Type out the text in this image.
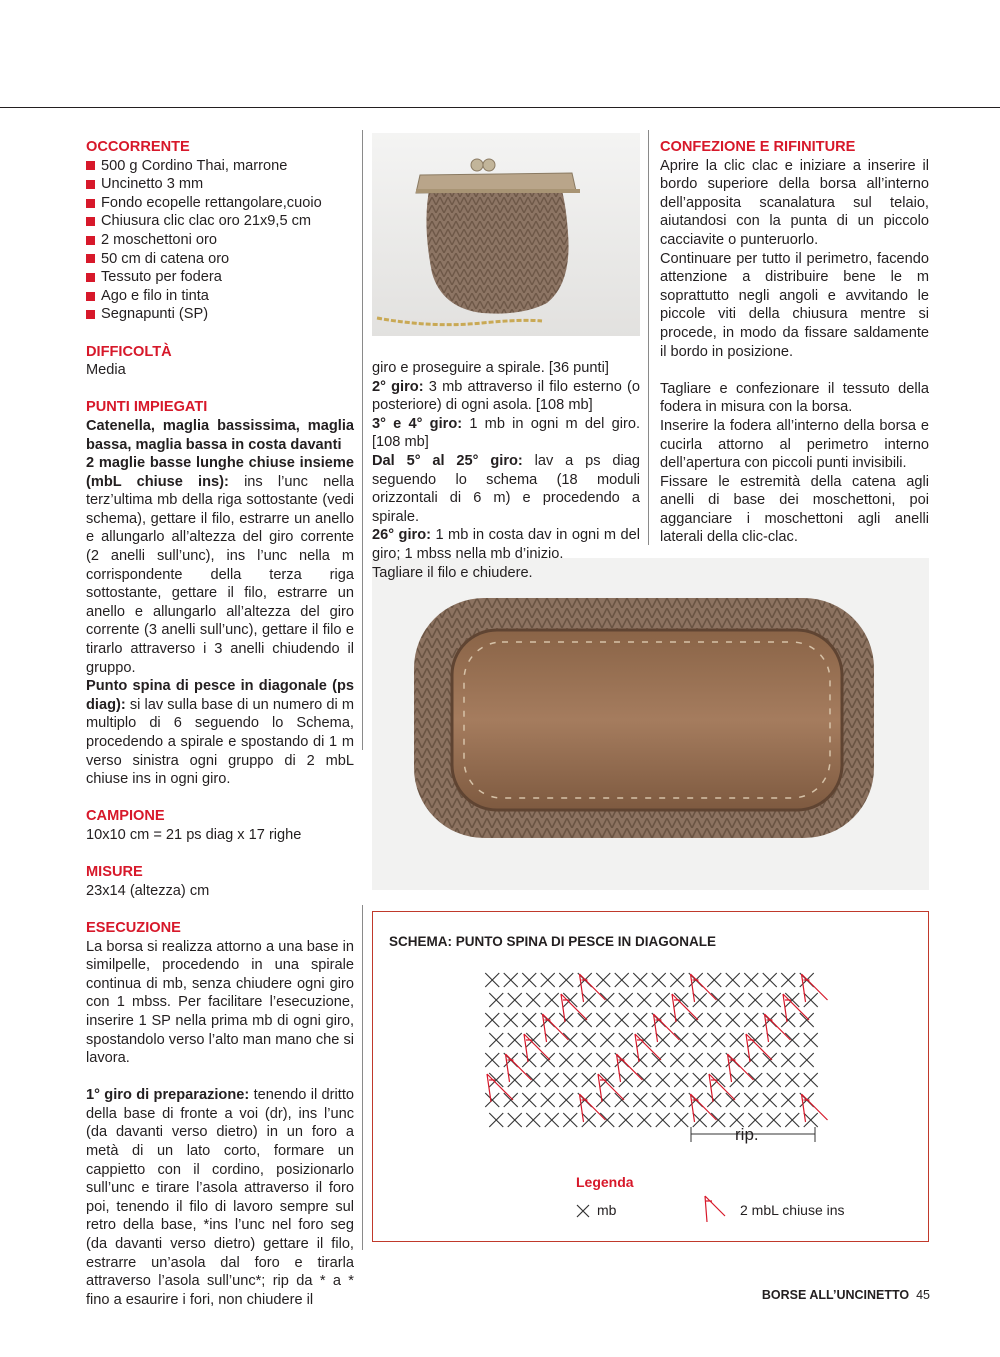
OCCORRENTE

500 g Cordino Thai, marrone
Uncinetto 3 mm
Fondo ecopelle rettangolare,cuoio
Chiusura clic clac oro 21x9,5 cm
2 moschettoni oro
50 cm di catena oro
Tessuto per fodera
Ago e filo in tinta
Segnapunti (SP)

DIFFICOLTÀ

Media

PUNTI IMPIEGATI

Catenella, maglia bassissima, maglia bassa, maglia bassa in costa davanti

2 maglie basse lunghe chiuse insieme (mbL chiuse ins): ins l’unc nella terz’ultima mb della riga sottostante (vedi schema), gettare il filo, estrarre un anello e allungarlo all’altezza del giro corrente (2 anelli sull’unc), ins l’unc nella m corrispondente della terza riga sottostante, gettare il filo, estrarre un anello e allungarlo all’altezza del giro corrente (3 anelli sull’unc), gettare il filo e tirarlo attraverso i 3 anelli chiudendo il gruppo.

Punto spina di pesce in diagonale (ps diag): si lav sulla base di un numero di m multiplo di 6 seguendo lo Schema, procedendo a spirale e spostando di 1 m verso sinistra ogni gruppo di 2 mbL chiuse ins in ogni giro.

CAMPIONE

10x10 cm = 21 ps diag x 17 righe

MISURE

23x14 (altezza) cm

ESECUZIONE

La borsa si realizza attorno a una base in similpelle, procedendo in una spirale continua di mb, senza chiudere ogni giro con 1 mbss. Per facilitare l’esecuzione, inserire 1 SP nella prima mb di ogni giro, spostandolo verso l’alto man mano che si lavora.

1° giro di preparazione: tenendo il dritto della base di fronte a voi (dr), ins l’unc (da davanti verso dietro) in un foro a metà di un lato corto, formare un cappietto con il cordino, posizionarlo sull’unc e tirare l’asola attraverso il foro poi, tenendo il filo di lavoro sempre sul retro della base, *ins l’unc nel foro seg (da davanti verso dietro) gettare il filo, estrarre un’asola dal foro e tirarla attraverso l’asola sull’unc*; rip da * a * fino a esaurire i fori, non chiudere il

giro e proseguire a spirale. [36 punti]

2° giro: 3 mb attraverso il filo esterno (o posteriore) di ogni asola. [108 mb]

3° e 4° giro: 1 mb in ogni m del giro. [108 mb]

Dal 5° al 25° giro: lav a ps diag seguendo lo schema (18 moduli orizzontali di 6 m) e procedendo a spirale.

26° giro: 1 mb in costa dav in ogni m del giro; 1 mbss nella mb d’inizio.

Tagliare il filo e chiudere.

CONFEZIONE E RIFINITURE

Aprire la clic clac e iniziare a inserire il bordo superiore della borsa all’interno dell’apposita scanalatura sul telaio, aiutandosi con la punta di un piccolo cacciavite o punteruorlo.

Continuare per tutto il perimetro, facendo attenzione a distribuire bene le m soprattutto negli angoli e avvitando le piccole viti della chiusura mentre si procede, in modo da fissare saldamente il bordo in posizione.

Tagliare e confezionare il tessuto della fodera in misura con la borsa.

Inserire la fodera all’interno della borsa e cucirla attorno al perimetro interno dell’apertura con piccoli punti invisibili.

Fissare le estremità della catena agli anelli di base dei moschettoni, poi agganciare i moschettoni agli anelli laterali della clic-clac.

SCHEMA: PUNTO SPINA DI PESCE IN DIAGONALE
rip.
Legenda
mb	2 mbL chiuse ins
BORSE ALL’UNCINETTO 45
